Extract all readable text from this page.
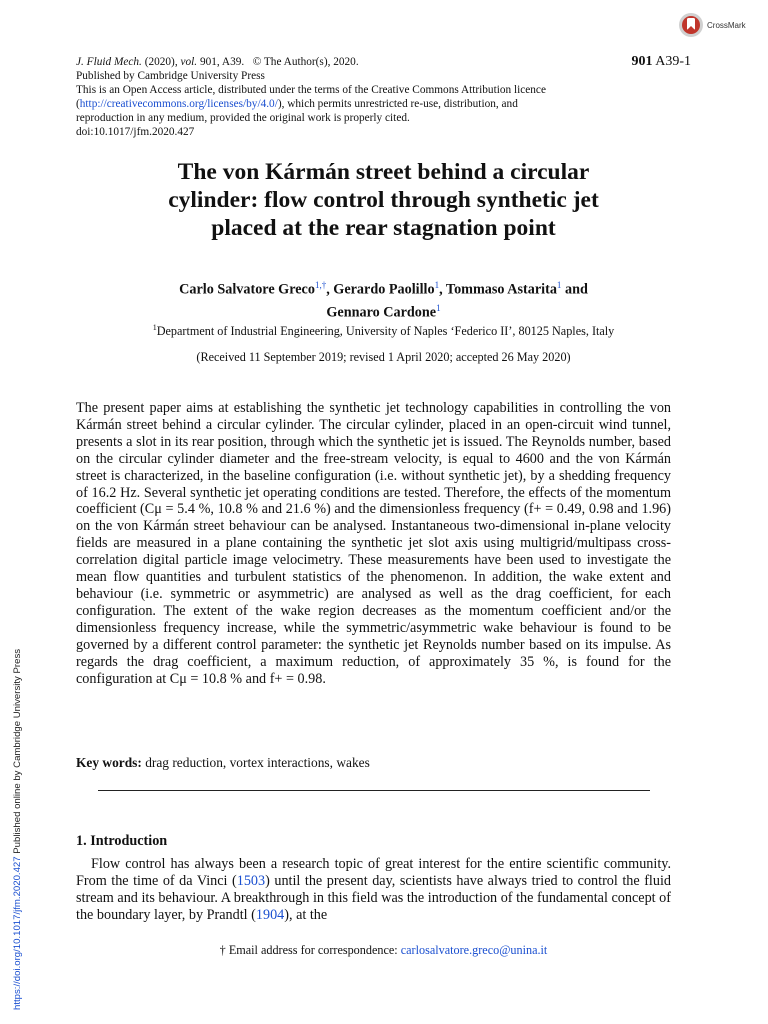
CrossMark
J. Fluid Mech. (2020), vol. 901, A39. © The Author(s), 2020.	901 A39-1
Published by Cambridge University Press
This is an Open Access article, distributed under the terms of the Creative Commons Attribution licence
(http://creativecommons.org/licenses/by/4.0/), which permits unrestricted re-use, distribution, and
reproduction in any medium, provided the original work is properly cited.
doi:10.1017/jfm.2020.427
The von Kármán street behind a circular
cylinder: flow control through synthetic jet
placed at the rear stagnation point
Carlo Salvatore Greco$^{1,\dagger}$, Gerardo Paolillo$^1$, Tommaso Astarita$^1$ and
Gennaro Cardone$^1$
$^1$Department of Industrial Engineering, University of Naples ‘Federico II’, 80125 Naples, Italy
(Received 11 September 2019; revised 1 April 2020; accepted 26 May 2020)
The present paper aims at establishing the synthetic jet technology capabilities in controlling the von Kármán street behind a circular cylinder. The circular cylinder, placed in an open-circuit wind tunnel, presents a slot in its rear position, through which the synthetic jet is issued. The Reynolds number, based on the circular cylinder diameter and the free-stream velocity, is equal to 4600 and the von Kármán street is characterized, in the baseline configuration (i.e. without synthetic jet), by a shedding frequency of 16.2 Hz. Several synthetic jet operating conditions are tested. Therefore, the effects of the momentum coefficient (Cμ = 5.4 %, 10.8 % and 21.6 %) and the dimensionless frequency (f+ = 0.49, 0.98 and 1.96) on the von Kármán street behaviour can be analysed. Instantaneous two-dimensional in-plane velocity fields are measured in a plane containing the synthetic jet slot axis using multigrid/multipass cross-correlation digital particle image velocimetry. These measurements have been used to investigate the mean flow quantities and turbulent statistics of the phenomenon. In addition, the wake extent and behaviour (i.e. symmetric or asymmetric) are analysed as well as the drag coefficient, for each configuration. The extent of the wake region decreases as the momentum coefficient and/or the dimensionless frequency increase, while the symmetric/asymmetric wake behaviour is found to be governed by a different control parameter: the synthetic jet Reynolds number based on its impulse. As regards the drag coefficient, a maximum reduction, of approximately 35 %, is found for the configuration at Cμ = 10.8 % and f+ = 0.98.
Key words: drag reduction, vortex interactions, wakes
1. Introduction
Flow control has always been a research topic of great interest for the entire scientific community. From the time of da Vinci (1503) until the present day, scientists have always tried to control the fluid stream and its behaviour. A breakthrough in this field was the introduction of the fundamental concept of the boundary layer, by Prandtl (1904), at the
† Email address for correspondence: carlosalvatore.greco@unina.it
https://doi.org/10.1017/jfm.2020.427 Published online by Cambridge University Press
